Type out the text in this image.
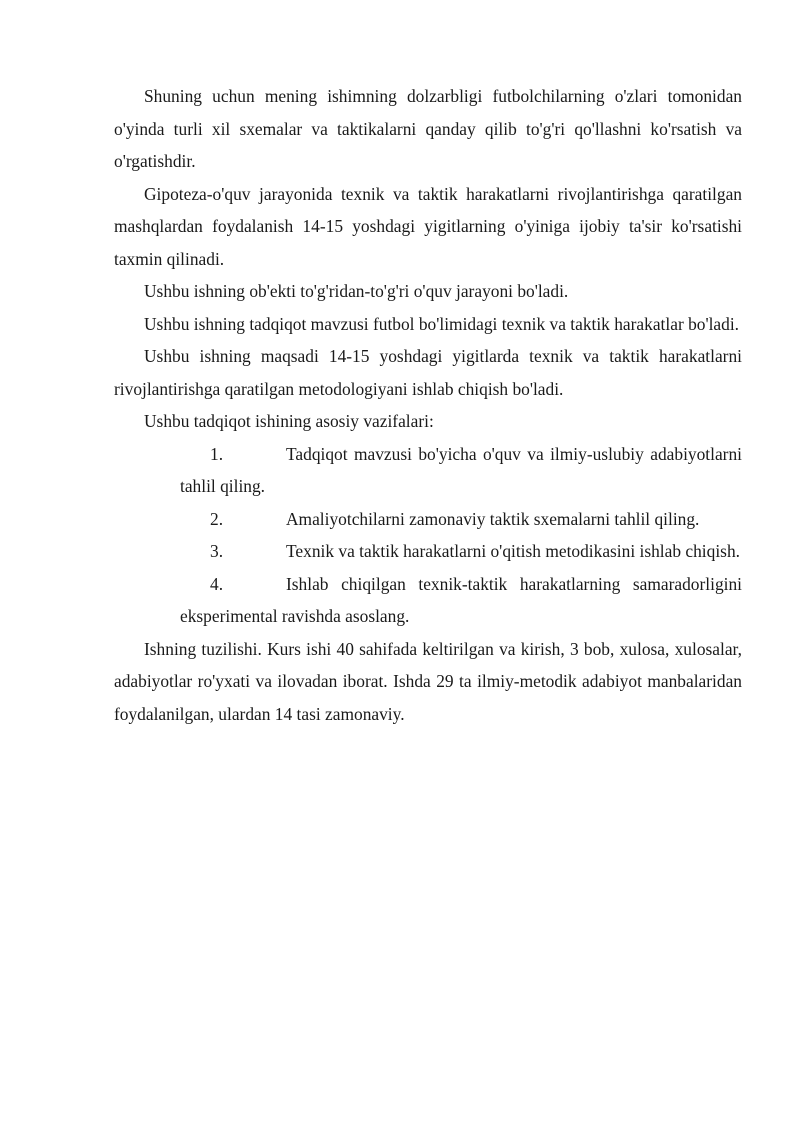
Shuning uchun mening ishimning dolzarbligi futbolchilarning o'zlari tomonidan o'yinda turli xil sxemalar va taktikalarni qanday qilib to'g'ri qo'llashni ko'rsatish va o'rgatishdir.

Gipoteza-o'quv jarayonida texnik va taktik harakatlarni rivojlantirishga qaratilgan mashqlardan foydalanish 14-15 yoshdagi yigitlarning o'yiniga ijobiy ta'sir ko'rsatishi taxmin qilinadi.

Ushbu ishning ob'ekti to'g'ridan-to'g'ri o'quv jarayoni bo'ladi.

Ushbu ishning tadqiqot mavzusi futbol bo'limidagi texnik va taktik harakatlar bo'ladi.

Ushbu ishning maqsadi 14-15 yoshdagi yigitlarda texnik va taktik harakatlarni rivojlantirishga qaratilgan metodologiyani ishlab chiqish bo'ladi.

Ushbu tadqiqot ishining asosiy vazifalari:

1.	Tadqiqot mavzusi bo'yicha o'quv va ilmiy-uslubiy adabiyotlarni tahlil qiling.

2.	Amaliyotchilarni zamonaviy taktik sxemalarni tahlil qiling.

3.	Texnik va taktik harakatlarni o'qitish metodikasini ishlab chiqish.

4.	Ishlab chiqilgan texnik-taktik harakatlarning samaradorligini eksperimental ravishda asoslang.

Ishning tuzilishi. Kurs ishi 40 sahifada keltirilgan va kirish, 3 bob, xulosa, xulosalar, adabiyotlar ro'yxati va ilovadan iborat. Ishda 29 ta ilmiy-metodik adabiyot manbalaridan foydalanilgan, ulardan 14 tasi zamonaviy.
